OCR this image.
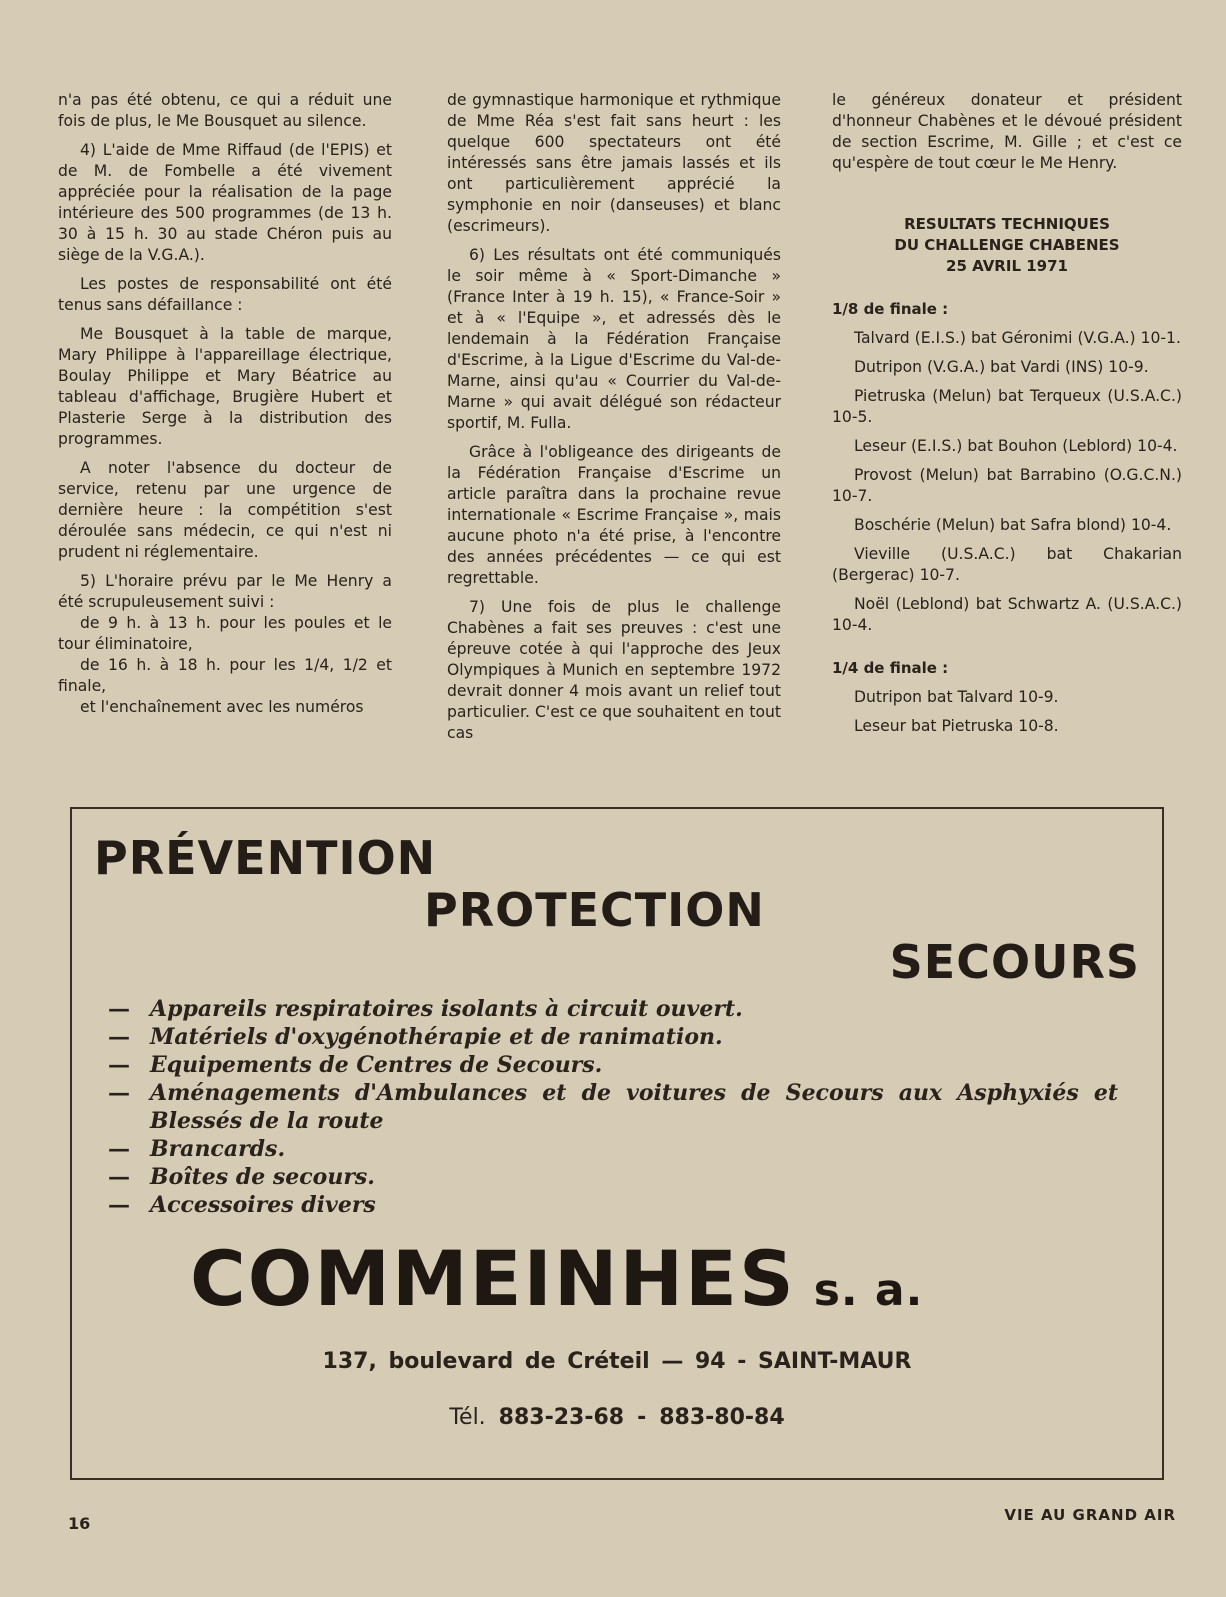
n'a pas été obtenu, ce qui a réduit une fois de plus, le Me Bousquet au silence.

4) L'aide de Mme Riffaud (de l'EPIS) et de M. de Fombelle a été vivement appréciée pour la réalisation de la page intérieure des 500 programmes (de 13 h. 30 à 15 h. 30 au stade Chéron puis au siège de la V.G.A.).

Les postes de responsabilité ont été tenus sans défaillance :

Me Bousquet à la table de marque, Mary Philippe à l'appareillage électrique, Boulay Philippe et Mary Béatrice au tableau d'affichage, Brugière Hubert et Plasterie Serge à la distribution des programmes.

A noter l'absence du docteur de service, retenu par une urgence de dernière heure : la compétition s'est déroulée sans médecin, ce qui n'est ni prudent ni réglementaire.

5) L'horaire prévu par le Me Henry a été scrupuleusement suivi :

de 9 h. à 13 h. pour les poules et le tour éliminatoire,
de 16 h. à 18 h. pour les 1/4, 1/2 et finale,
et l'enchaînement avec les numéros

de gymnastique harmonique et rythmique de Mme Réa s'est fait sans heurt : les quelque 600 spectateurs ont été intéressés sans être jamais lassés et ils ont particulièrement apprécié la symphonie en noir (danseuses) et blanc (escrimeurs).

6) Les résultats ont été communiqués le soir même à « Sport-Dimanche » (France Inter à 19 h. 15), « France-Soir » et à « l'Equipe », et adressés dès le lendemain à la Fédération Française d'Escrime, à la Ligue d'Escrime du Val-de-Marne, ainsi qu'au « Courrier du Val-de-Marne » qui avait délégué son rédacteur sportif, M. Fulla.

Grâce à l'obligeance des dirigeants de la Fédération Française d'Escrime un article paraîtra dans la prochaine revue internationale « Escrime Française », mais aucune photo n'a été prise, à l'encontre des années précédentes — ce qui est regrettable.

7) Une fois de plus le challenge Chabènes a fait ses preuves : c'est une épreuve cotée à qui l'approche des Jeux Olympiques à Munich en septembre 1972 devrait donner 4 mois avant un relief tout particulier. C'est ce que souhaitent en tout cas

le généreux donateur et président d'honneur Chabènes et le dévoué président de section Escrime, M. Gille ; et c'est ce qu'espère de tout cœur le Me Henry.

RESULTATS TECHNIQUES
DU CHALLENGE CHABENES
25 AVRIL 1971

1/8 de finale :

Talvard (E.I.S.) bat Géronimi (V.G.A.) 10-1.

Dutripon (V.G.A.) bat Vardi (INS) 10-9.

Pietruska (Melun) bat Terqueux (U.S.A.C.) 10-5.

Leseur (E.I.S.) bat Bouhon (Leblord) 10-4.

Provost (Melun) bat Barrabino (O.G.C.N.) 10-7.

Boschérie (Melun) bat Safra blond) 10-4.

Vieville (U.S.A.C.) bat Chakarian (Bergerac) 10-7.

Noël (Leblond) bat Schwartz A. (U.S.A.C.) 10-4.

1/4 de finale :

Dutripon bat Talvard 10-9.

Leseur bat Pietruska 10-8.

PRÉVENTION

PROTECTION

SECOURS

— Appareils respiratoires isolants à circuit ouvert.
— Matériels d'oxygénothérapie et de ranimation.
— Equipements de Centres de Secours.
— Aménagements d'Ambulances et de voitures de Secours aux Asphyxiés et Blessés de la route
— Brancards.
— Boîtes de secours.
— Accessoires divers

COMMEINHES s. a.

137, boulevard de Créteil — 94 - SAINT-MAUR

Tél. 883-23-68 - 883-80-84

16	VIE AU GRAND AIR
